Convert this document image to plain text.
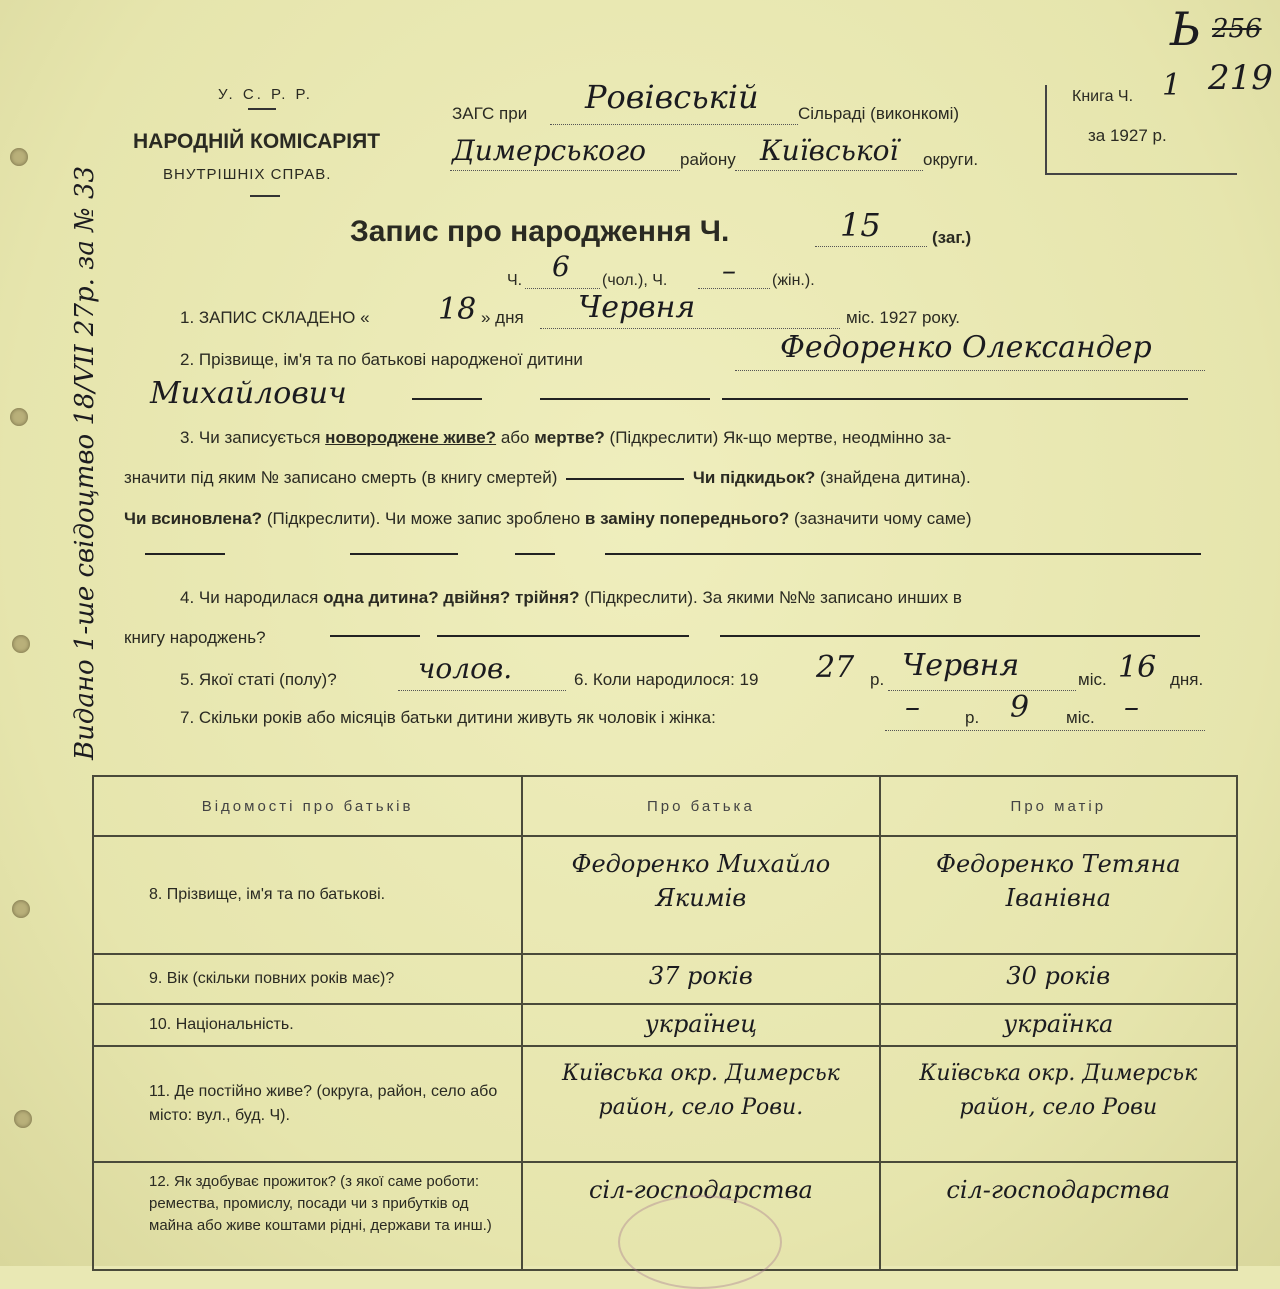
Видано 1-ше свідоцтво 18/VII 27р. за № 33
У. С. Р. Р.
НАРОДНІЙ КОМІСАРІЯТ
ВНУТРІШНІХ СПРАВ.
ЗАГС при Ровівській Сільраді (виконкомі)
Димерського району Київської округи.
Книга Ч. 1 219
256
Ь
за 1927 р.
Запис про народження Ч.	15	(заг.)
Ч. 6 (чол.), Ч. – (жін.).
1. ЗАПИС СКЛАДЕНО « 18 » дня Червня	міс. 1927 року.
2. Прізвище, ім'я та по батькові народженої дитини	Федоренко Олександер
Михайлович
3. Чи записується новороджене живе? або мертве? (Підкреслити) Як-що мертве, неодмінно за-
значити під яким № записано смерть (в книгу смертей)	Чи підкидьок? (знайдена дитина).
Чи всиновлена? (Підкреслити). Чи може запис зроблено в заміну попереднього? (зазначити чому саме)
4. Чи народилася одна дитина? двійня? трійня? (Підкреслити). За якими №№ записано инших в
книгу народжень?
5. Якої статі (полу)?	чолов.	6. Коли народилося: 19 27 р. Червня	міс. 16 дня.
7. Скільки років або місяців батьки дитини живуть як чоловік і жінка:	–	р. 9 міс. –
Відомості про батьків	Про батька	Про матір
8. Прізвище, ім'я та по батькові.	Федоренко Михайло Якимів	Федоренко Тетяна Іванівна
9. Вік (скільки повних років має)?	37 років	30 років
10. Національність.	українец	українка
11. Де постійно живе? (округа, район, село або місто: вул., буд. Ч).	Київська окр. Димерськ район, село Рови.	Київська окр. Димерськ район, село Рови
12. Як здобуває прожиток? (з якої саме роботи: ремества, промислу, посади чи з прибутків од майна або живе коштами рідні, держави та инш.)	сіл-господарства	сіл-господарства
